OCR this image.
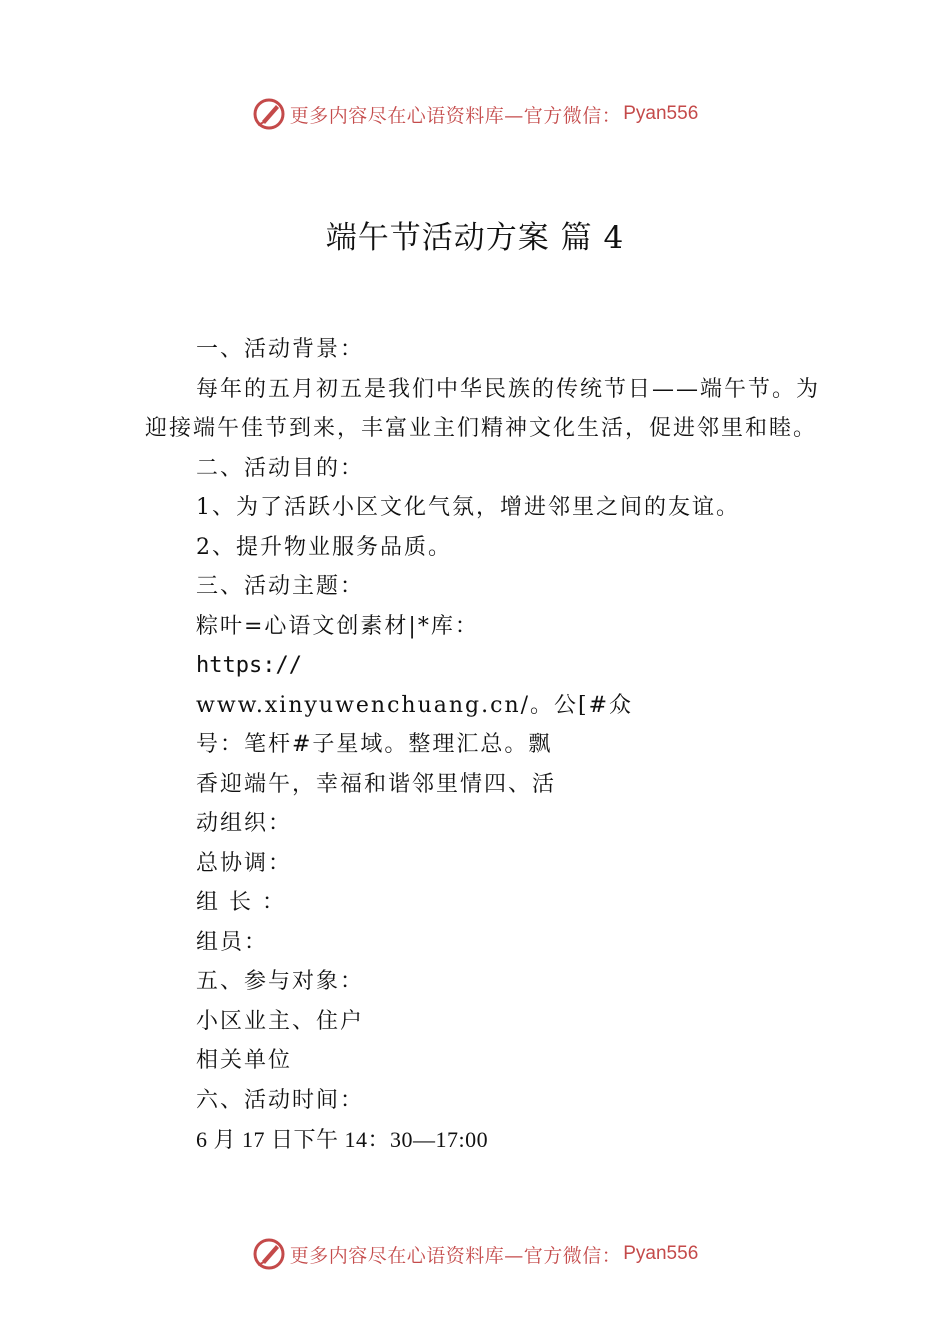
更多内容尽在心语资料库—官方微信： Pyan556
端午节活动方案 篇 4
一、活动背景：
每年的五月初五是我们中华民族的传统节日——端午节。为迎接端午佳节到来，丰富业主们精神文化生活，促进邻里和睦。
二、活动目的：
1、为了活跃小区文化气氛，增进邻里之间的友谊。
2、提升物业服务品质。
三、活动主题：
粽叶=心语文创素材|*库：
https://
www.xinyuwenchuang.cn/。公[#众
号：笔杆#子星域。整理汇总。飘
香迎端午，幸福和谐邻里情四、活
动组织：
总协调：
组 长 ：
组员：
五、参与对象：
小区业主、住户
相关单位
六、活动时间：
6 月 17 日下午 14：30—17:00
更多内容尽在心语资料库—官方微信： Pyan556
